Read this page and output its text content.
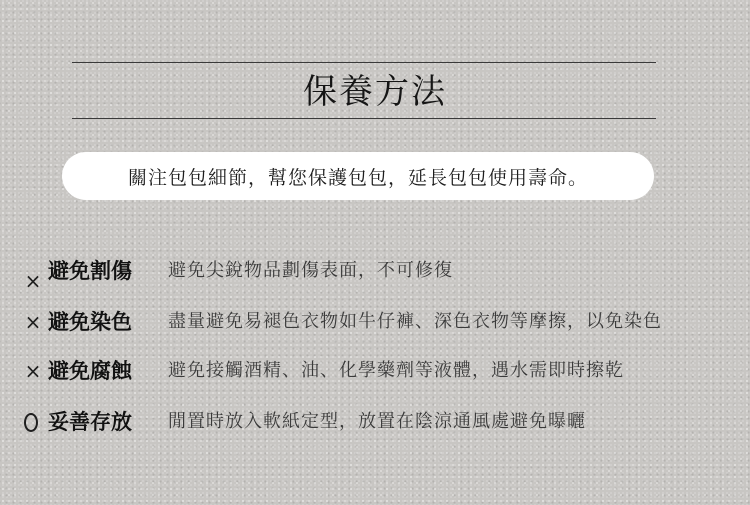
保養方法
關注包包細節，幫您保護包包，延長包包使用壽命。
× 避免割傷 避免尖銳物品劃傷表面，不可修復
× 避免染色 盡量避免易褪色衣物如牛仔褲、深色衣物等摩擦，以免染色
× 避免腐蝕 避免接觸酒精、油、化學藥劑等液體，遇水需即時擦乾
妥善存放 閒置時放入軟紙定型，放置在陰涼通風處避免曝曬
